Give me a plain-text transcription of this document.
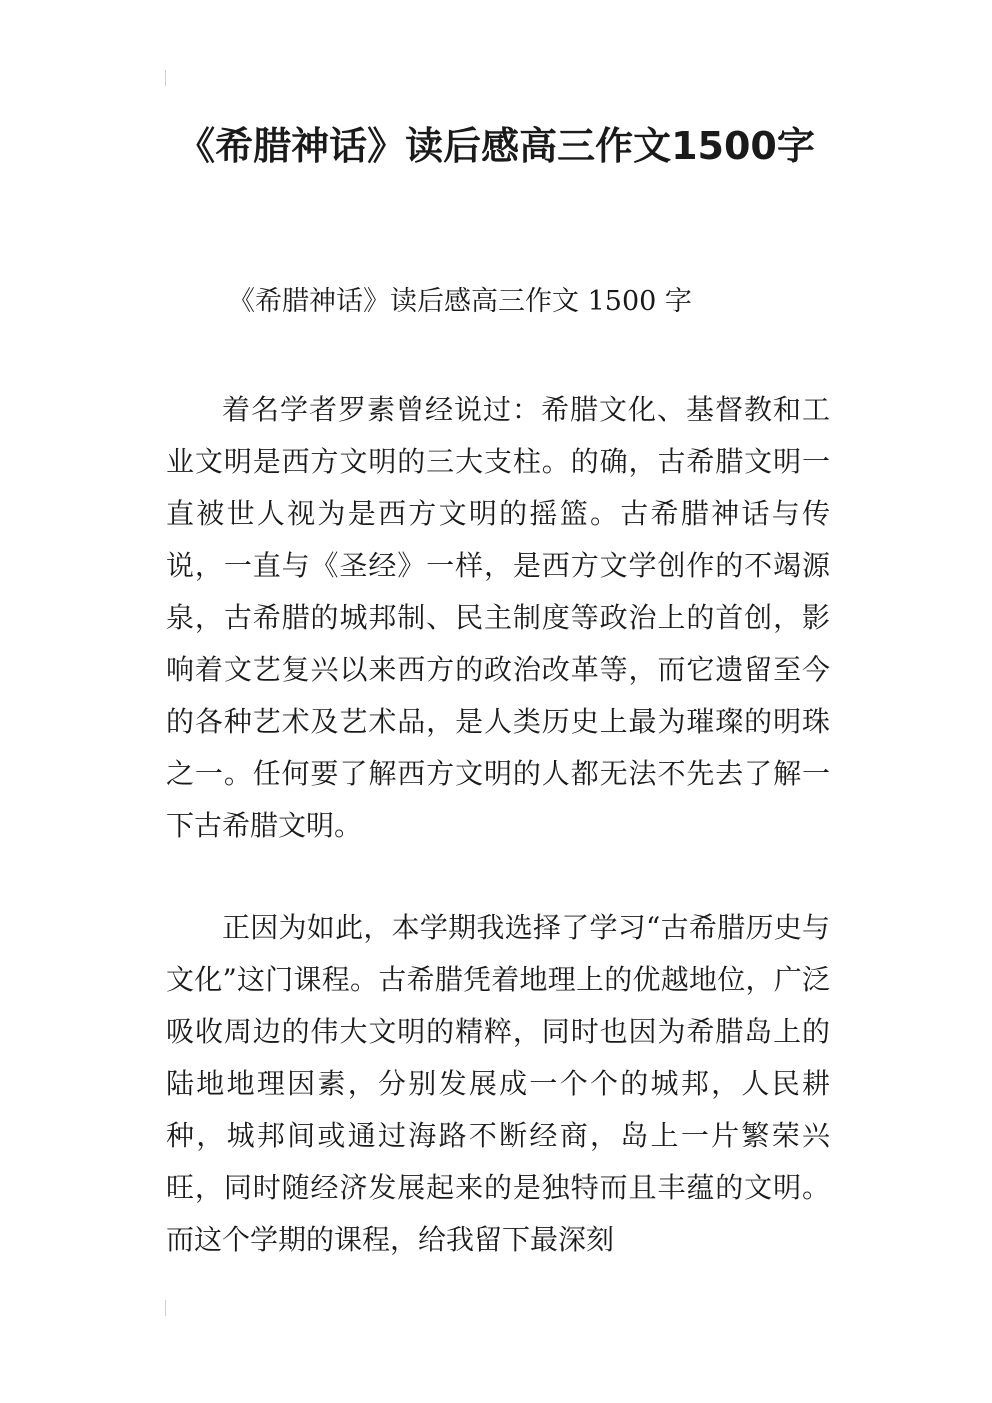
《希腊神话》读后感高三作文1500字

《希腊神话》读后感高三作文 1500 字

着名学者罗素曾经说过：希腊文化、基督教和工业文明是西方文明的三大支柱。的确，古希腊文明一直被世人视为是西方文明的摇篮。古希腊神话与传说，一直与《圣经》一样，是西方文学创作的不竭源泉，古希腊的城邦制、民主制度等政治上的首创，影响着文艺复兴以来西方的政治改革等，而它遗留至今的各种艺术及艺术品，是人类历史上最为璀璨的明珠之一。任何要了解西方文明的人都无法不先去了解一下古希腊文明。

正因为如此，本学期我选择了学习“古希腊历史与文化”这门课程。古希腊凭着地理上的优越地位，广泛吸收周边的伟大文明的精粹，同时也因为希腊岛上的陆地地理因素，分别发展成一个个的城邦，人民耕种，城邦间或通过海路不断经商，岛上一片繁荣兴旺，同时随经济发展起来的是独特而且丰蕴的文明。而这个学期的课程，给我留下最深刻
